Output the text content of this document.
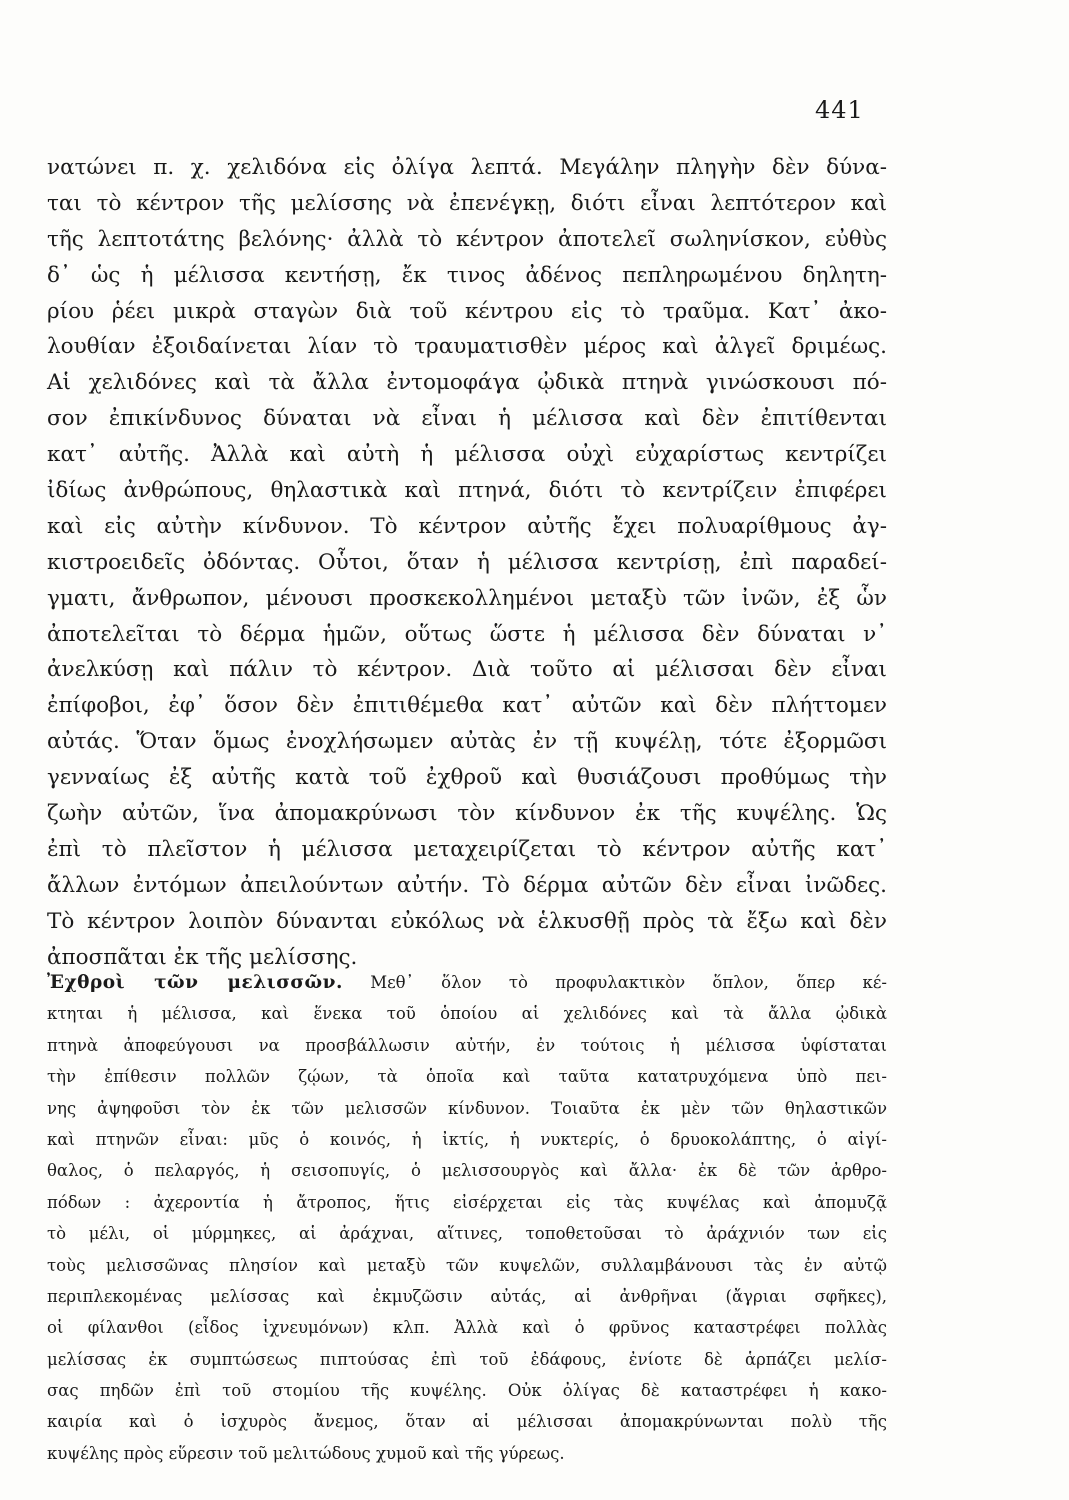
441
νατώνει π. χ. χελιδόνα εἰς ὀλίγα λεπτά. Μεγάλην πληγὴν δὲν δύνα-
ται τὸ κέντρον τῆς μελίσσης νὰ ἐπενέγκῃ, διότι εἶναι λεπτότερον καὶ
τῆς λεπτοτάτης βελόνης· ἀλλὰ τὸ κέντρον ἀποτελεῖ σωληνίσκον, εὐθὺς
δ᾽ ὡς ἡ μέλισσα κεντήσῃ, ἔκ τινος ἀδένος πεπληρωμένου δηλητη-
ρίου ῥέει μικρὰ σταγὼν διὰ τοῦ κέντρου εἰς τὸ τραῦμα. Κατ᾽ ἀκο-
λουθίαν ἐξοιδαίνεται λίαν τὸ τραυματισθὲν μέρος καὶ ἀλγεῖ δριμέως.
Αἱ χελιδόνες καὶ τὰ ἄλλα ἐντομοφάγα ᾠδικὰ πτηνὰ γινώσκουσι πό-
σον ἐπικίνδυνος δύναται νὰ εἶναι ἡ μέλισσα καὶ δὲν ἐπιτίθενται
κατ᾽ αὐτῆς. Ἀλλὰ καὶ αὐτὴ ἡ μέλισσα οὐχὶ εὐχαρίστως κεντρίζει
ἰδίως ἀνθρώπους, θηλαστικὰ καὶ πτηνά, διότι τὸ κεντρίζειν ἐπιφέρει
καὶ εἰς αὐτὴν κίνδυνον. Τὸ κέντρον αὐτῆς ἔχει πολυαρίθμους ἀγ-
κιστροειδεῖς ὀδόντας. Οὗτοι, ὅταν ἡ μέλισσα κεντρίσῃ, ἐπὶ παραδεί-
γματι, ἄνθρωπον, μένουσι προσκεκολλημένοι μεταξὺ τῶν ἰνῶν, ἐξ ὧν
ἀποτελεῖται τὸ δέρμα ἡμῶν, οὕτως ὥστε ἡ μέλισσα δὲν δύναται ν᾽
ἀνελκύσῃ καὶ πάλιν τὸ κέντρον. Διὰ τοῦτο αἱ μέλισσαι δὲν εἶναι
ἐπίφοβοι, ἐφ᾽ ὅσον δὲν ἐπιτιθέμεθα κατ᾽ αὐτῶν καὶ δὲν πλήττομεν
αὐτάς. Ὅταν ὅμως ἐνοχλήσωμεν αὐτὰς ἐν τῇ κυψέλῃ, τότε ἐξορμῶσι
γενναίως ἐξ αὐτῆς κατὰ τοῦ ἐχθροῦ καὶ θυσιάζουσι προθύμως τὴν
ζωὴν αὐτῶν, ἵνα ἀπομακρύνωσι τὸν κίνδυνον ἐκ τῆς κυψέλης. Ὡς
ἐπὶ τὸ πλεῖστον ἡ μέλισσα μεταχειρίζεται τὸ κέντρον αὐτῆς κατ᾽
ἄλλων ἐντόμων ἀπειλούντων αὐτήν. Τὸ δέρμα αὐτῶν δὲν εἶναι ἰνῶδες.
Τὸ κέντρον λοιπὸν δύνανται εὐκόλως νὰ ἑλκυσθῇ πρὸς τὰ ἔξω καὶ δὲν
ἀποσπᾶται ἐκ τῆς μελίσσης.
Ἐχθροὶ τῶν μελισσῶν. Μεθ᾽ ὅλον τὸ προφυλακτικὸν ὅπλον, ὅπερ κέ-
κτηται ἡ μέλισσα, καὶ ἕνεκα τοῦ ὁποίου αἱ χελιδόνες καὶ τὰ ἄλλα ᾠδικὰ
πτηνὰ ἀποφεύγουσι να προσβάλλωσιν αὐτήν, ἐν τούτοις ἡ μέλισσα ὑφίσταται
τὴν ἐπίθεσιν πολλῶν ζῴων, τὰ ὁποῖα καὶ ταῦτα κατατρυχόμενα ὑπὸ πει-
νης ἀψηφοῦσι τὸν ἐκ τῶν μελισσῶν κίνδυνον. Τοιαῦτα ἐκ μὲν τῶν θηλαστικῶν
καὶ πτηνῶν εἶναι: μῦς ὁ κοινός, ἡ ἰκτίς, ἡ νυκτερίς, ὁ δρυοκολάπτης, ὁ αἰγί-
θαλος, ὁ πελαργός, ἡ σεισοπυγίς, ὁ μελισσουργὸς καὶ ἄλλα· ἐκ δὲ τῶν ἀρθρο-
πόδων : ἀχεροντία ἡ ἄτροπος, ἥτις εἰσέρχεται εἰς τὰς κυψέλας καὶ ἀπομυζᾷ
τὸ μέλι, οἱ μύρμηκες, αἱ ἀράχναι, αἵτινες, τοποθετοῦσαι τὸ ἀράχνιόν των εἰς
τοὺς μελισσῶνας πλησίον καὶ μεταξὺ τῶν κυψελῶν, συλλαμβάνουσι τὰς ἐν αὐτῷ
περιπλεκομένας μελίσσας καὶ ἐκμυζῶσιν αὐτάς, αἱ ἀνθρῆναι (ἄγριαι σφῆκες),
οἱ φίλανθοι (εἶδος ἰχνευμόνων) κλπ. Ἀλλὰ καὶ ὁ φρῦνος καταστρέφει πολλὰς
μελίσσας ἐκ συμπτώσεως πιπτούσας ἐπὶ τοῦ ἐδάφους, ἐνίοτε δὲ ἁρπάζει μελίσ-
σας πηδῶν ἐπὶ τοῦ στομίου τῆς κυψέλης. Οὐκ ὀλίγας δὲ καταστρέφει ἡ κακο-
καιρία καὶ ὁ ἰσχυρὸς ἄνεμος, ὅταν αἱ μέλισσαι ἀπομακρύνωνται πολὺ τῆς
κυψέλης πρὸς εὕρεσιν τοῦ μελιτώδους χυμοῦ καὶ τῆς γύρεως.
